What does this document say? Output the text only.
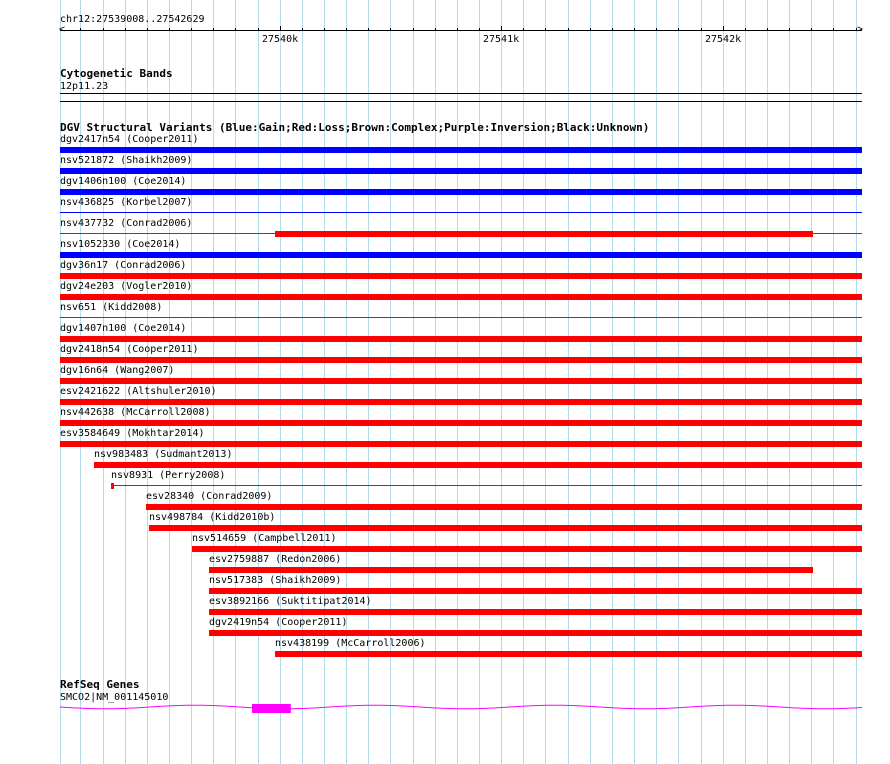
chr12:27539008..27542629
<	>
27540k	27541k	27542k
Cytogenetic Bands
12p11.23
DGV Structural Variants (Blue:Gain;Red:Loss;Brown:Complex;Purple:Inversion;Black:Unknown)
dgv2417n54 (Cooper2011)
nsv521872 (Shaikh2009)
dgv1406n100 (Coe2014)
nsv436825 (Korbel2007)
nsv437732 (Conrad2006)
nsv1052330 (Coe2014)
dgv36n17 (Conrad2006)
dgv24e203 (Vogler2010)
nsv651 (Kidd2008)
dgv1407n100 (Coe2014)
dgv2418n54 (Cooper2011)
dgv16n64 (Wang2007)
esv2421622 (Altshuler2010)
nsv442638 (McCarroll2008)
esv3584649 (Mokhtar2014)
nsv983483 (Sudmant2013)
nsv8931 (Perry2008)
esv28340 (Conrad2009)
nsv498784 (Kidd2010b)
nsv514659 (Campbell2011)
esv2759887 (Redon2006)
nsv517383 (Shaikh2009)
esv3892166 (Suktitipat2014)
dgv2419n54 (Cooper2011)
nsv438199 (McCarroll2006)
RefSeq Genes
SMCO2|NM_001145010
